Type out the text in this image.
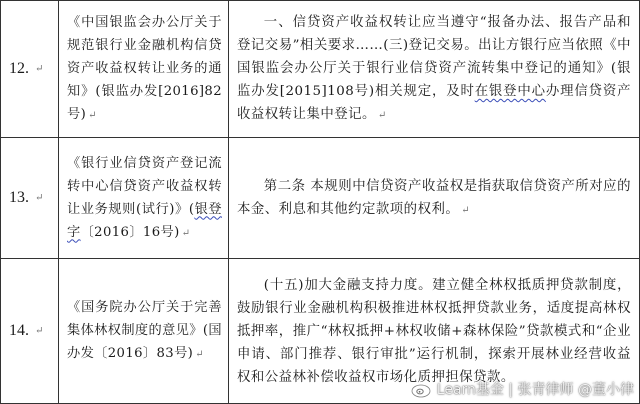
12. ↵	《中国银监会办公厅关于规范银行业金融机构信贷资产收益权转让业务的通知》(银监办发[2016]82号) ↵	一、信贷资产收益权转让应当遵守“报备办法、报告产品和登记交易”相关要求……(三)登记交易。出让方银行应当依照《中国银监会办公厅关于银行业信贷资产流转集中登记的通知》(银监办发[2015]108号)相关规定，及时在银登中心办理信贷资产收益权转让集中登记。 ↵

13. ↵	《银行业信贷资产登记流转中心信贷资产收益权转让业务规则(试行)》(银登字〔2016〕16号) ↵	第二条 本规则中信贷资产收益权是指获取信贷资产所对应的本金、利息和其他约定款项的权利。 ↵

14. ↵	《国务院办公厅关于完善集体林权制度的意见》(国办发〔2016〕83号) ↵	(十五)加大金融支持力度。建立健全林权抵质押贷款制度，鼓励银行业金融机构积极推进林权抵押贷款业务，适度提高林权抵押率，推广“林权抵押+林权收储+森林保险”贷款模式和“企业申请、部门推荐、银行审批”运行机制，探索开展林业经营收益权和公益林补偿收益权市场化质押担保贷款。
Learn基金 | 张青律师 @董小律
